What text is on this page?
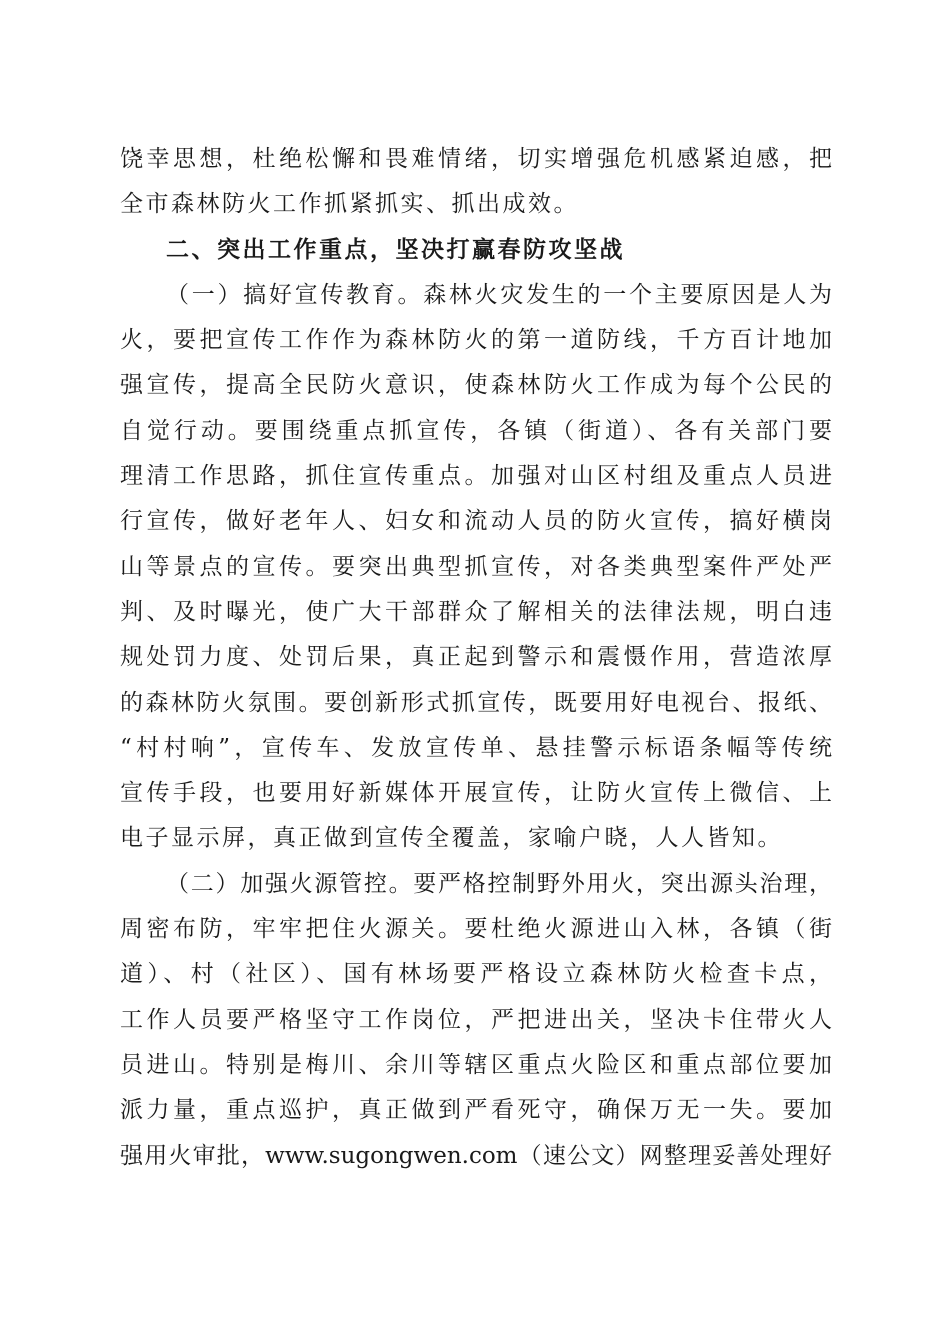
饶幸思想，杜绝松懈和畏难情绪，切实增强危机感紧迫感，把
全市森林防火工作抓紧抓实、抓出成效。
二、突出工作重点，坚决打赢春防攻坚战
（一）搞好宣传教育。森林火灾发生的一个主要原因是人为
火，要把宣传工作作为森林防火的第一道防线，千方百计地加
强宣传，提高全民防火意识，使森林防火工作成为每个公民的
自觉行动。要围绕重点抓宣传，各镇（街道）、各有关部门要
理清工作思路，抓住宣传重点。加强对山区村组及重点人员进
行宣传，做好老年人、妇女和流动人员的防火宣传，搞好横岗
山等景点的宣传。要突出典型抓宣传，对各类典型案件严处严
判、及时曝光，使广大干部群众了解相关的法律法规，明白违
规处罚力度、处罚后果，真正起到警示和震慑作用，营造浓厚
的森林防火氛围。要创新形式抓宣传，既要用好电视台、报纸、
“村村响”，宣传车、发放宣传单、悬挂警示标语条幅等传统
宣传手段，也要用好新媒体开展宣传，让防火宣传上微信、上
电子显示屏，真正做到宣传全覆盖，家喻户晓，人人皆知。
（二）加强火源管控。要严格控制野外用火，突出源头治理，
周密布防，牢牢把住火源关。要杜绝火源进山入林，各镇（街
道）、村（社区）、国有林场要严格设立森林防火检查卡点，
工作人员要严格坚守工作岗位，严把进出关，坚决卡住带火人
员进山。特别是梅川、余川等辖区重点火险区和重点部位要加
派力量，重点巡护，真正做到严看死守，确保万无一失。要加
强用火审批，www.sugongwen.com（速公文）网整理妥善处理好
